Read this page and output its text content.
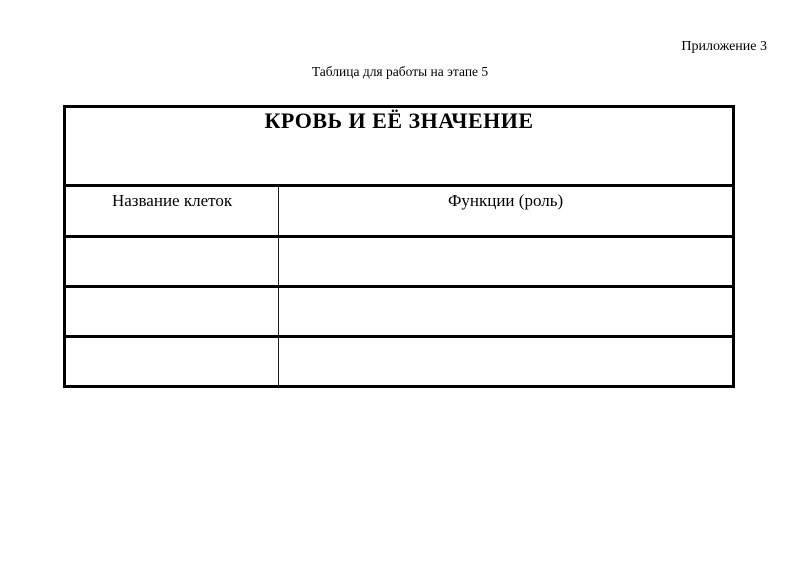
Приложение 3
Таблица для работы на этапе 5
КРОВЬ И ЕЁ ЗНАЧЕНИЕ	
Название клеток	Функции (роль)
